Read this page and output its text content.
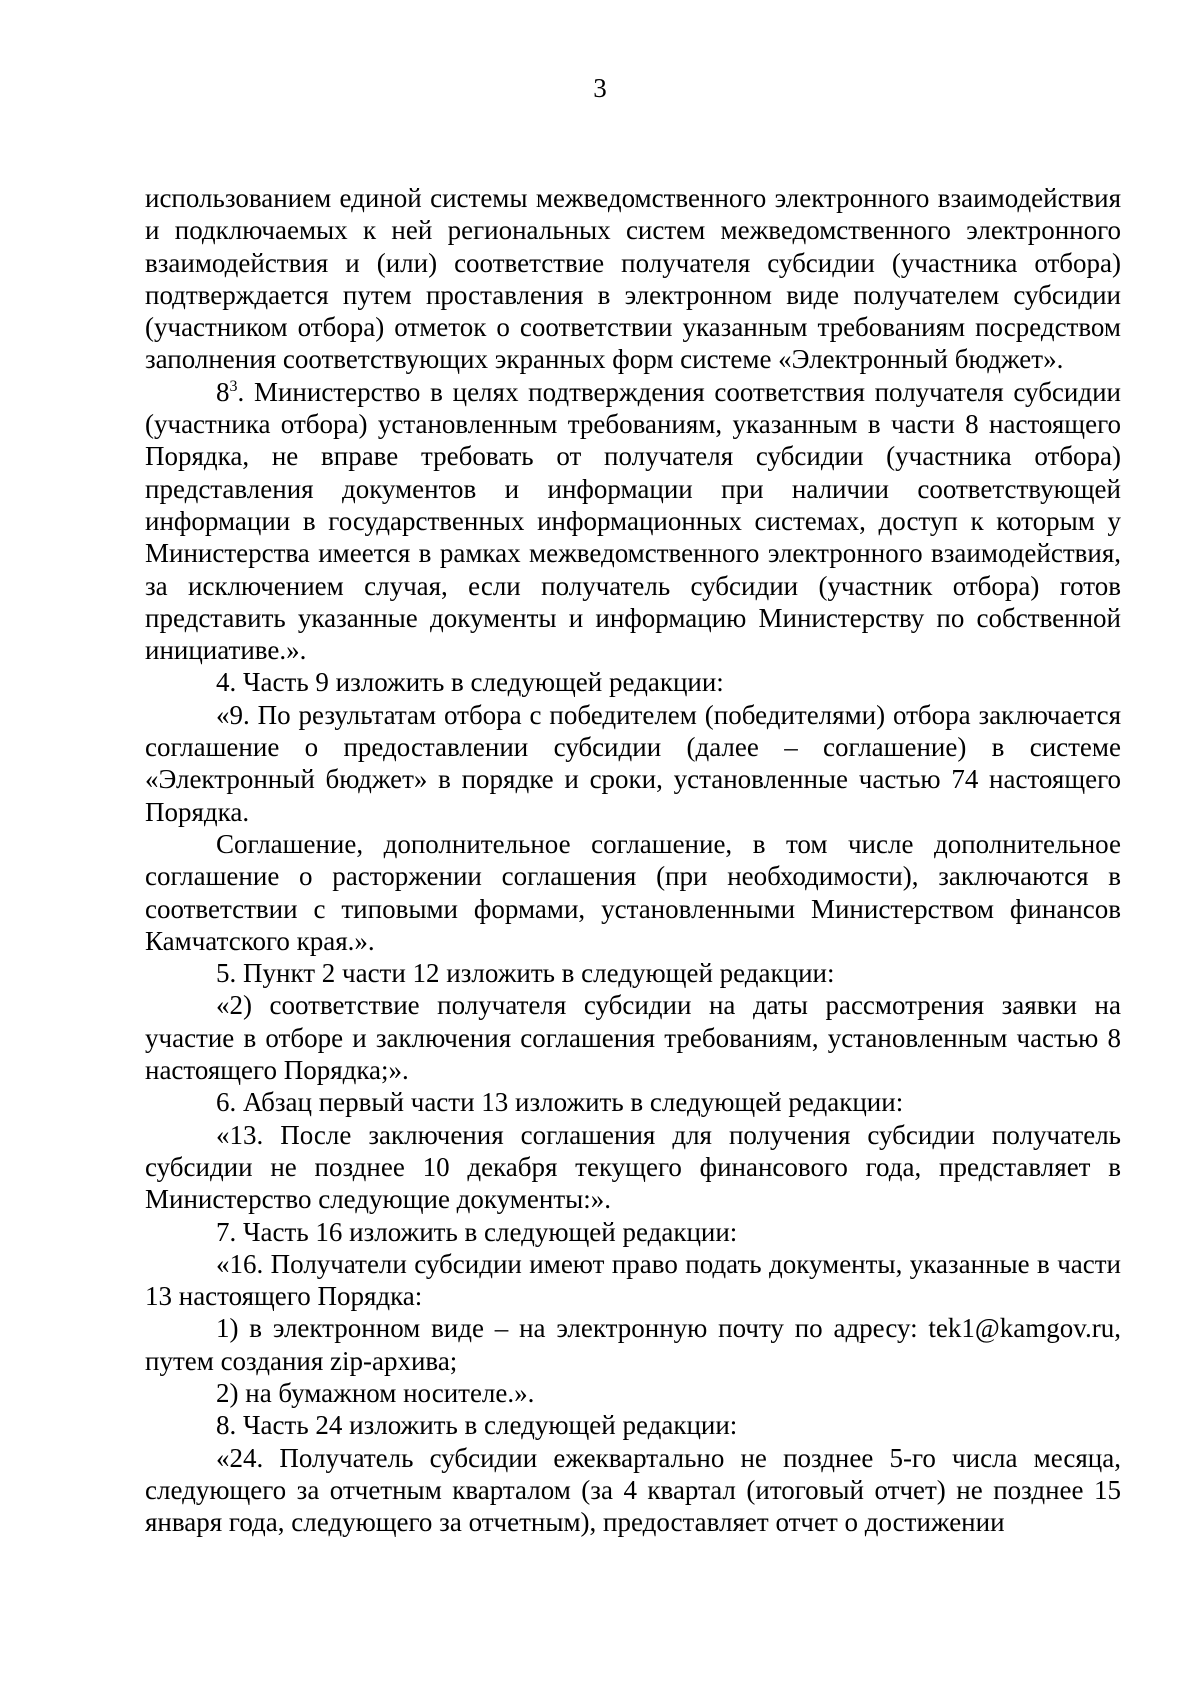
3

использованием единой системы межведомственного электронного взаимодействия и подключаемых к ней региональных систем межведомственного электронного взаимодействия и (или) соответствие получателя субсидии (участника отбора) подтверждается путем проставления в электронном виде получателем субсидии (участником отбора) отметок о соответствии указанным требованиям посредством заполнения соответствующих экранных форм системе «Электронный бюджет».

$8^3$. Министерство в целях подтверждения соответствия получателя субсидии (участника отбора) установленным требованиям, указанным в части 8 настоящего Порядка, не вправе требовать от получателя субсидии (участника отбора) представления документов и информации при наличии соответствующей информации в государственных информационных системах, доступ к которым у Министерства имеется в рамках межведомственного электронного взаимодействия, за исключением случая, если получатель субсидии (участник отбора) готов представить указанные документы и информацию Министерству по собственной инициативе.».

4. Часть 9 изложить в следующей редакции:

«9. По результатам отбора с победителем (победителями) отбора заключается соглашение о предоставлении субсидии (далее – соглашение) в системе «Электронный бюджет» в порядке и сроки, установленные частью 74 настоящего Порядка.

Соглашение, дополнительное соглашение, в том числе дополнительное соглашение о расторжении соглашения (при необходимости), заключаются в соответствии с типовыми формами, установленными Министерством финансов Камчатского края.».

5. Пункт 2 части 12 изложить в следующей редакции:

«2) соответствие получателя субсидии на даты рассмотрения заявки на участие в отборе и заключения соглашения требованиям, установленным частью 8 настоящего Порядка;».

6. Абзац первый части 13 изложить в следующей редакции:

«13. После заключения соглашения для получения субсидии получатель субсидии не позднее 10 декабря текущего финансового года, представляет в Министерство следующие документы:».

7. Часть 16 изложить в следующей редакции:

«16. Получатели субсидии имеют право подать документы, указанные в части 13 настоящего Порядка:

1) в электронном виде – на электронную почту по адресу: tek1@kamgov.ru, путем создания zip-архива;

2) на бумажном носителе.».

8. Часть 24 изложить в следующей редакции:

«24. Получатель субсидии ежеквартально не позднее 5-го числа месяца, следующего за отчетным кварталом (за 4 квартал (итоговый отчет) не позднее 15 января года, следующего за отчетным), предоставляет отчет о достижении
